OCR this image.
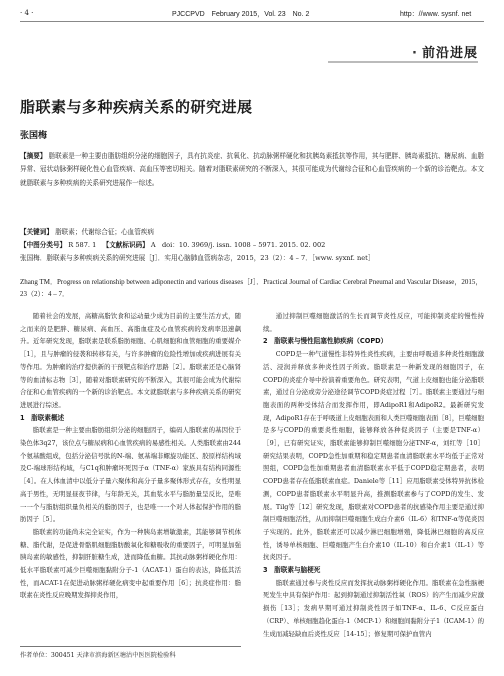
· 4 ·	PJCCPVD　February 2015，Vol. 23　No. 2	http：//www. sysnf. net
· 前沿进展
脂联素与多种疾病关系的研究进展
张国梅
【摘要】 脂联素是一种主要由脂肪组织分泌的细胞因子，具有抗炎症、抗氧化、抗动脉粥样硬化和抗胰岛素抵抗等作用，其与肥胖、胰岛素抵抗、糖尿病、血脂异常、冠状动脉粥样硬化性心血管疾病、高血压等密切相关。随着对脂联素研究的不断深入，其很可能成为代谢综合征和心血管疾病的一个新的诊治靶点。本文就脂联素与多种疾病的关系研究进展作一综述。
【关键词】 脂联素；代谢综合征；心血管疾病
【中图分类号】 R 587. 1 【文献标识码】 A doi：10. 3969/j. issn. 1008 – 5971. 2015. 02. 002
张国梅．脂联素与多种疾病关系的研究进展［J］．实用心脑肺血管病杂志，2015，23（2）：4 – 7．［www. syxnf. net］
Zhang TM．Progress on relationship between adiponectin and various diseases［J］．Practical Journal of Cardiac Cerebral Pneumal and Vascular Disease，2015，23（2）：4 – 7．

随着社会的发展，高糖高脂饮食和运动量少成为目前的主要生活方式，随之而来的是肥胖、糖尿病、高血压、高脂血症及心血管疾病的发病率迅速飙升。近年研究发现，脂联素是联系脂肪细胞、心肌细胞和血管细胞的重要媒介［1］，且与肿瘤的侵袭和转移有关，与许多肿瘤的危险性增加或疾病进展有关等作用。为肿瘤的治疗提供新的干预靶点和治疗思路［2］。脂联素还是心脑肾等的血清标志物［3］，随着对脂联素研究的不断深入，其很可能会成为代谢综合征和心血管疾病的一个新的诊治靶点。本文就脂联素与多种疾病关系的研究进展进行综述。

1　脂联素概述

脂联素是一种主要由脂肪组织分泌的细胞因子，编码人脂联素的基因位于染色体3q27，该位点与糖尿病和心血管疾病的易感性相关。人类脂联素由244个氨基酸组成，包括分泌信号肽的N-端、氨基端非螺旋功能区、胶原样结构域及C-端球形结构域，与C1q和肿瘤坏死因子α（TNF-α）家族具有结构同源性［4］。在人体血清中以低分子量六聚体和高分子量多聚体形式存在，女性明显高于男性，无明显昼夜节律，与年龄无关，其血浆水平与脂肪量呈反比，是唯一一个与脂肪组织量负相关的脂肪因子，也是唯一一个对人体起保护作用的脂肪因子［5］。

脂联素的功能尚未完全证实，作为一种胰岛素增敏激素，其能够调节机体糖、脂代谢，是促进骨骼肌细胞脂肪酸氧化和糖吸收的重要因子，可明显加强胰岛素的敏感性，抑制肝脏糖生成，进而降低血糖。其抗动脉粥样硬化作用：低水平脂联素可减少巨噬细胞黏附分子-1（ACAT-1）蛋白的表达，降低其活性，而ACAT-1在促进动脉粥样硬化病变中起重要作用［6］；抗炎症作用：脂联素在炎性反应晚期发挥抑炎作用，

通过抑制巨噬细胞激活的生长而调节炎性反应，可能抑制炎症的慢性持续。

2　脂联素与慢性阻塞性肺疾病（COPD）

COPD是一种气道慢性非特异性炎性疾病，主要由呼吸道多种炎性细胞激活、浸润并释放多种炎性因子所致。脂联素是一种新发现的细胞因子，在COPD的炎症介导中扮演着重要角色。研究表明，气道上皮细胞也能分泌脂联素，通过自分泌或旁分泌途径调节COPD炎症过程［7］。脂联素主要通过与细胞表面的两种受体结合而发挥作用，即AdipoR1和AdipoR2。最新研究发现，AdipoR1存在于呼吸道上皮细胞表面和人类巨噬细胞表面［8］，巨噬细胞是多与COPD的重要炎性细胞，能够释放各种促炎因子（主要是TNF-α）［9］，已有研究证实，脂联素能够抑制巨噬细胞分泌TNF-α，刘红等［10］研究结果表明，COPD急性加重期和稳定期患者血清脂联素水平均低于正常对照组，COPD急性加重期患者血清脂联素水平低于COPD稳定期患者，表明COPD患者存在低脂联素血症。Daniele等［11］应用脂联素受体特异抗体检测，COPD患者脂联素水平明显升高，推测脂联素参与了COPD的发生、发展。Tilg等［12］研究发现，脂联素对COPD患者的抗感染作用主要是通过抑制巨噬细胞活性，从而抑制巨噬细胞生成白介素6（IL-6）和TNF-α等促炎因子实现的。此外，脂联素还可以减少淋巴细胞增殖，降低淋巴细胞的高反应性，诱导单核细胞、巨噬细胞产生白介素10（IL-10）和白介素1（IL-1）等抗炎因子。

3　脂联素与脑梗死

脂联素通过参与炎性反应而发挥抗动脉粥样硬化作用。脂联素在急性脑梗死发生中具有保护作用：起到抑制通过抑制活性氧（ROS）的产生而减少应激损伤［13］；发病早期可通过抑制炎性因子如TNF-α、IL-6、C反应蛋白（CRP）、单核细胞趋化蛋白-1（MCP-1）和细胞间黏附分子1（ICAM-1）的生成而减轻缺血后炎性反应［14-15］；修复期可保护血管内

作者单位：300451 天津市滨海新区塘沽中医医院检验科
